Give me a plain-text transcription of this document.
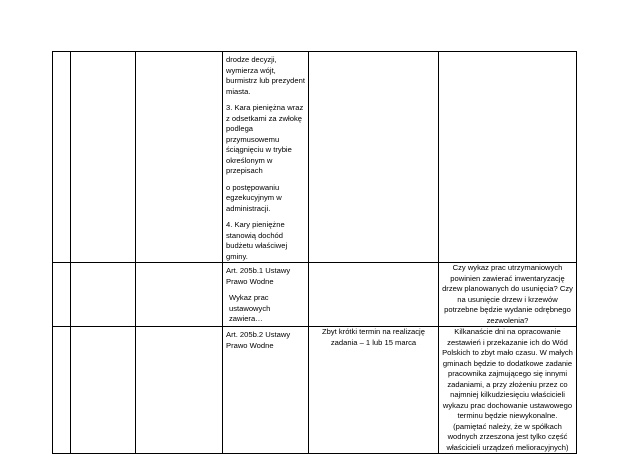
			drodze decyzji, wymierza wójt, burmistrz lub prezydent miasta.
3. Kara pieniężna wraz z odsetkami za zwłokę podlega przymusowemu ściągnięciu w trybie określonym w przepisach
o postępowaniu egzekucyjnym w administracji.
4. Kary pieniężne stanowią dochód budżetu właściwej gminy.		

			Art. 205b.1 Ustawy Prawo Wodne
Wykaz prac ustawowych zawiera…		Czy wykaz prac utrzymaniowych powinien zawierać inwentaryzację drzew planowanych do usunięcia? Czy na usunięcie drzew i krzewów potrzebne będzie wydanie odrębnego zezwolenia?

			Art. 205b.2 Ustawy Prawo Wodne	Zbyt krótki termin na realizację zadania – 1 lub 15 marca	Kilkanaście dni na opracowanie zestawień i przekazanie ich do Wód Polskich to zbyt mało czasu. W małych gminach będzie to dodatkowe zadanie pracownika zajmującego się innymi zadaniami, a przy złożeniu przez co najmniej kilkudziesięciu właścicieli wykazu prac dochowanie ustawowego terminu będzie niewykonalne. (pamiętać należy, że w spółkach wodnych zrzeszona jest tylko część właścicieli urządzeń melioracyjnych)
